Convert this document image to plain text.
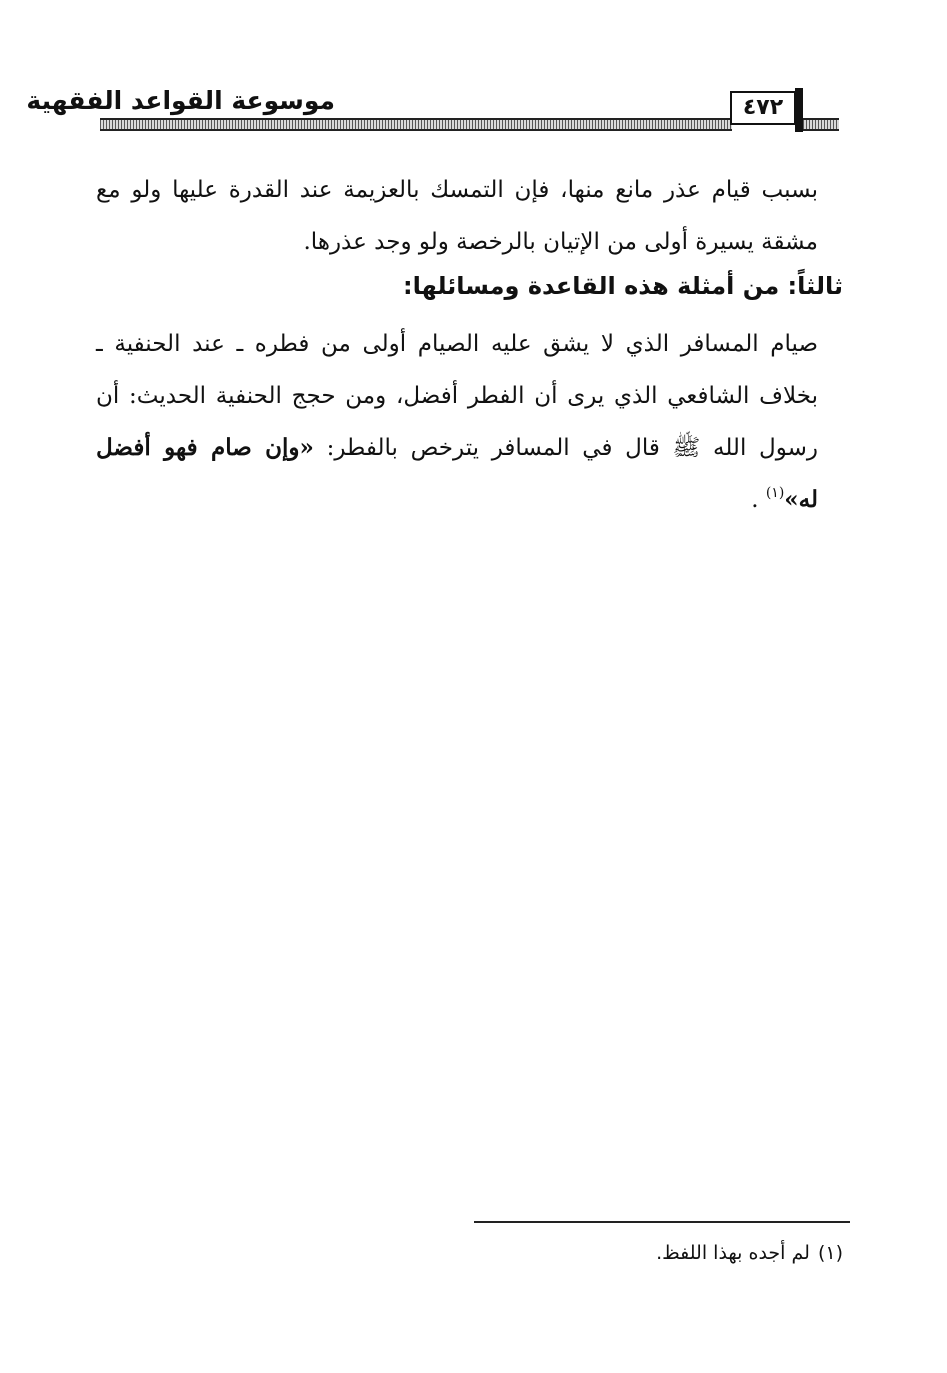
موسوعة القواعد الفقهية	٤٧٢

بسبب قيام عذر مانع منها، فإن التمسك بالعزيمة عند القدرة عليها ولو مع مشقة يسيرة أولى من الإتيان بالرخصة ولو وجد عذرها.

ثالثاً: من أمثلة هذه القاعدة ومسائلها:

صيام المسافر الذي لا يشق عليه الصيام أولى من فطره ـ عند الحنفية ـ بخلاف الشافعي الذي يرى أن الفطر أفضل، ومن حجج الحنفية الحديث: أن رسول الله ﷺ قال في المسافر يترخص بالفطر: «وإن صام فهو أفضل له»$^{(١)}$ .

(١)لم أجده بهذا اللفظ.
